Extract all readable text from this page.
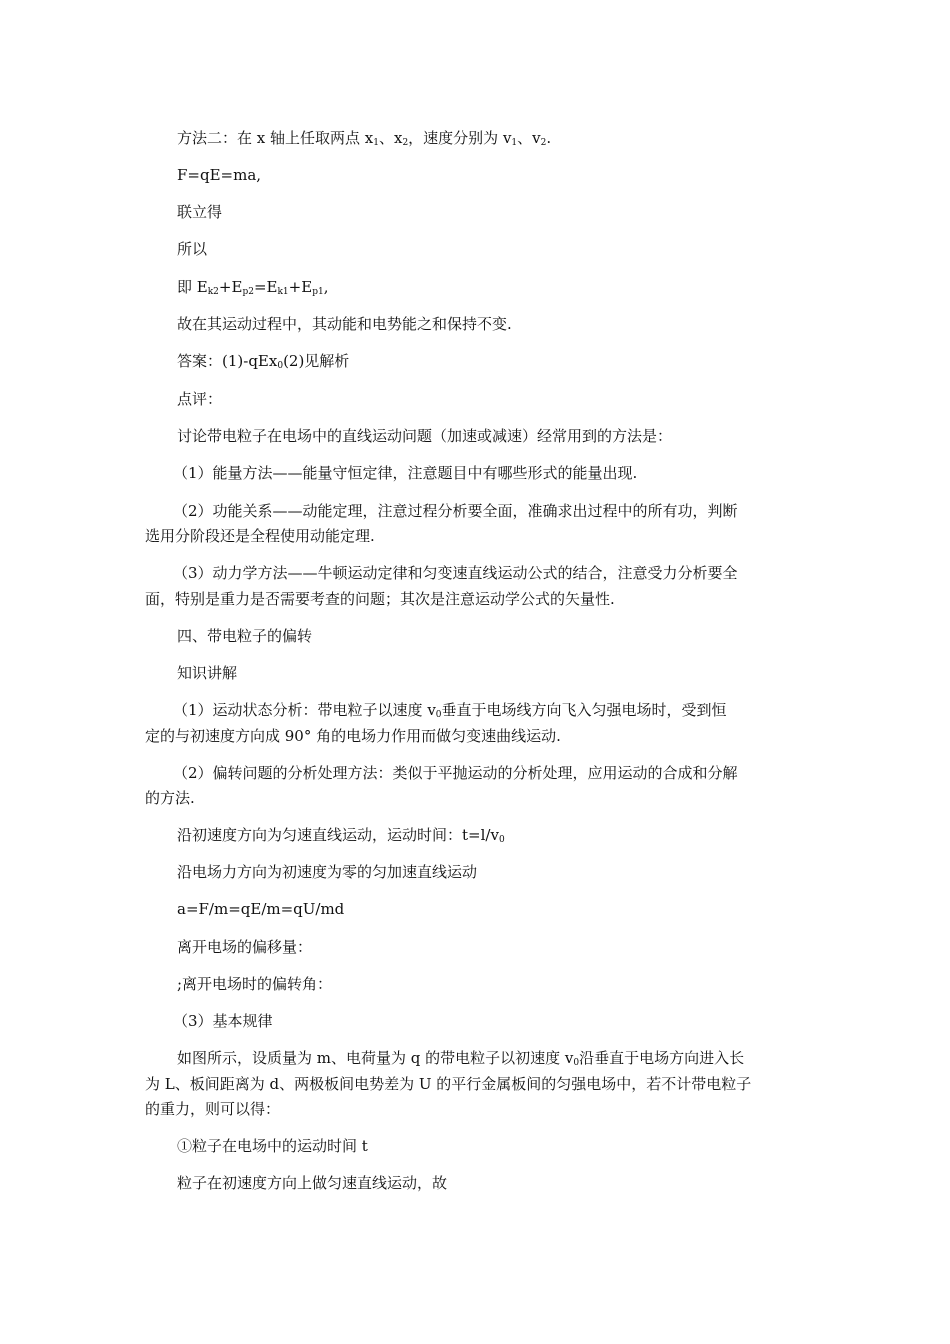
方法二：在 x 轴上任取两点 $x_1$、$x_2$，速度分别为 $v_1$、$v_2$.
F=qE=ma,
联立得
所以
即 $E_{k2}+E_{p2}=E_{k1}+E_{p1}$,
故在其运动过程中，其动能和电势能之和保持不变.
答案：(1)-qEx$_0$(2)见解析
点评：
讨论带电粒子在电场中的直线运动问题（加速或减速）经常用到的方法是：
（1）能量方法——能量守恒定律，注意题目中有哪些形式的能量出现.
（2）功能关系——动能定理，注意过程分析要全面，准确求出过程中的所有功，判断
选用分阶段还是全程使用动能定理.
（3）动力学方法——牛顿运动定律和匀变速直线运动公式的结合，注意受力分析要全
面，特别是重力是否需要考查的问题；其次是注意运动学公式的矢量性.
四、带电粒子的偏转
知识讲解
（1）运动状态分析：带电粒子以速度 $v_0$垂直于电场线方向飞入匀强电场时，受到恒
定的与初速度方向成 90° 角的电场力作用而做匀变速曲线运动.
（2）偏转问题的分析处理方法：类似于平抛运动的分析处理，应用运动的合成和分解
的方法.
沿初速度方向为匀速直线运动，运动时间：$t=l/v_0$
沿电场力方向为初速度为零的匀加速直线运动
a=F/m=qE/m=qU/md
离开电场的偏移量：
;离开电场时的偏转角：
（3）基本规律
如图所示，设质量为 m、电荷量为 q 的带电粒子以初速度 $v_0$沿垂直于电场方向进入长
为 L、板间距离为 d、两极板间电势差为 U 的平行金属板间的匀强电场中，若不计带电粒子
的重力，则可以得：
①粒子在电场中的运动时间 t
粒子在初速度方向上做匀速直线运动，故
